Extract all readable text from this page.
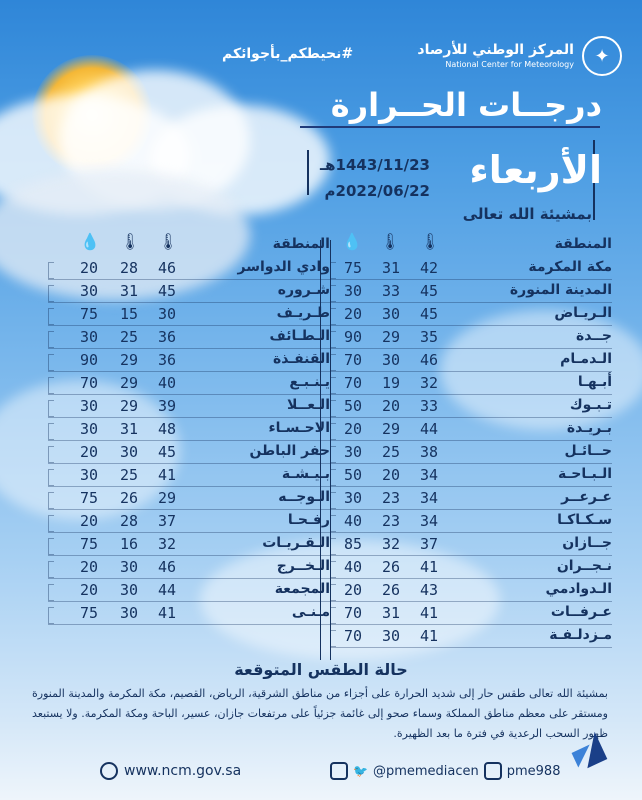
✦
المركز الوطني للأرصاد
National Center for Meteorology
#نحيطكم_بأجوائكم
درجــات الحــرارة
الأربعاء
1443/11/23هـ
2022/06/22م
بمشيئة الله تعالى
المنطقة
🌡
🌡
💧
مكة المكرمة
42
31
75
المدينة المنورة
45
33
30
الـريـاض
45
30
20
جــدة
35
29
90
الـدمـام
46
30
70
أبـهـا
32
19
70
تـبـوك
33
20
50
بـريـدة
44
29
20
حــائـل
38
25
30
الـبـاحـة
34
20
50
عـرعــر
34
23
30
سـكـاكـا
34
23
40
جــازان
37
32
85
نـجــران
41
26
40
الـدوادمي
43
26
20
عـرفــات
41
31
70
مـزدلـفـة
41
30
70
المنطقة
🌡
🌡
💧
وادي الدواسر
46
28
20
شـروره
45
31
30
طـريـف
30
15
75
الـطـائف
36
25
30
القنفـذة
36
29
90
يـنـبـع
40
29
70
الـعــلا
39
29
30
الاحـسـاء
48
31
30
حفر الباطن
45
30
20
بـيـشـة
41
25
30
الـوجــه
29
26
75
رفـحـا
37
28
20
الـقـريـات
32
16
75
الـخــرج
46
30
20
المجمعة
44
30
20
مـنـى
41
30
75
حالة الطقس المتوقعة
بمشيئة الله تعالى طقس حار إلى شديد الحرارة على أجزاء من مناطق الشرقية، الرياض، القصيم، مكة المكرمة والمدينة المنورة ومستقر على معظم مناطق المملكة وسماء صحو إلى غائمة جزئياً على مرتفعات جازان، عسير، الباحة ومكة المكرمة. ولا يستبعد ظهور السحب الرعدية في فترة ما بعد الظهيرة.
www.ncm.gov.sa	🐦 @pmemediacen pme988
